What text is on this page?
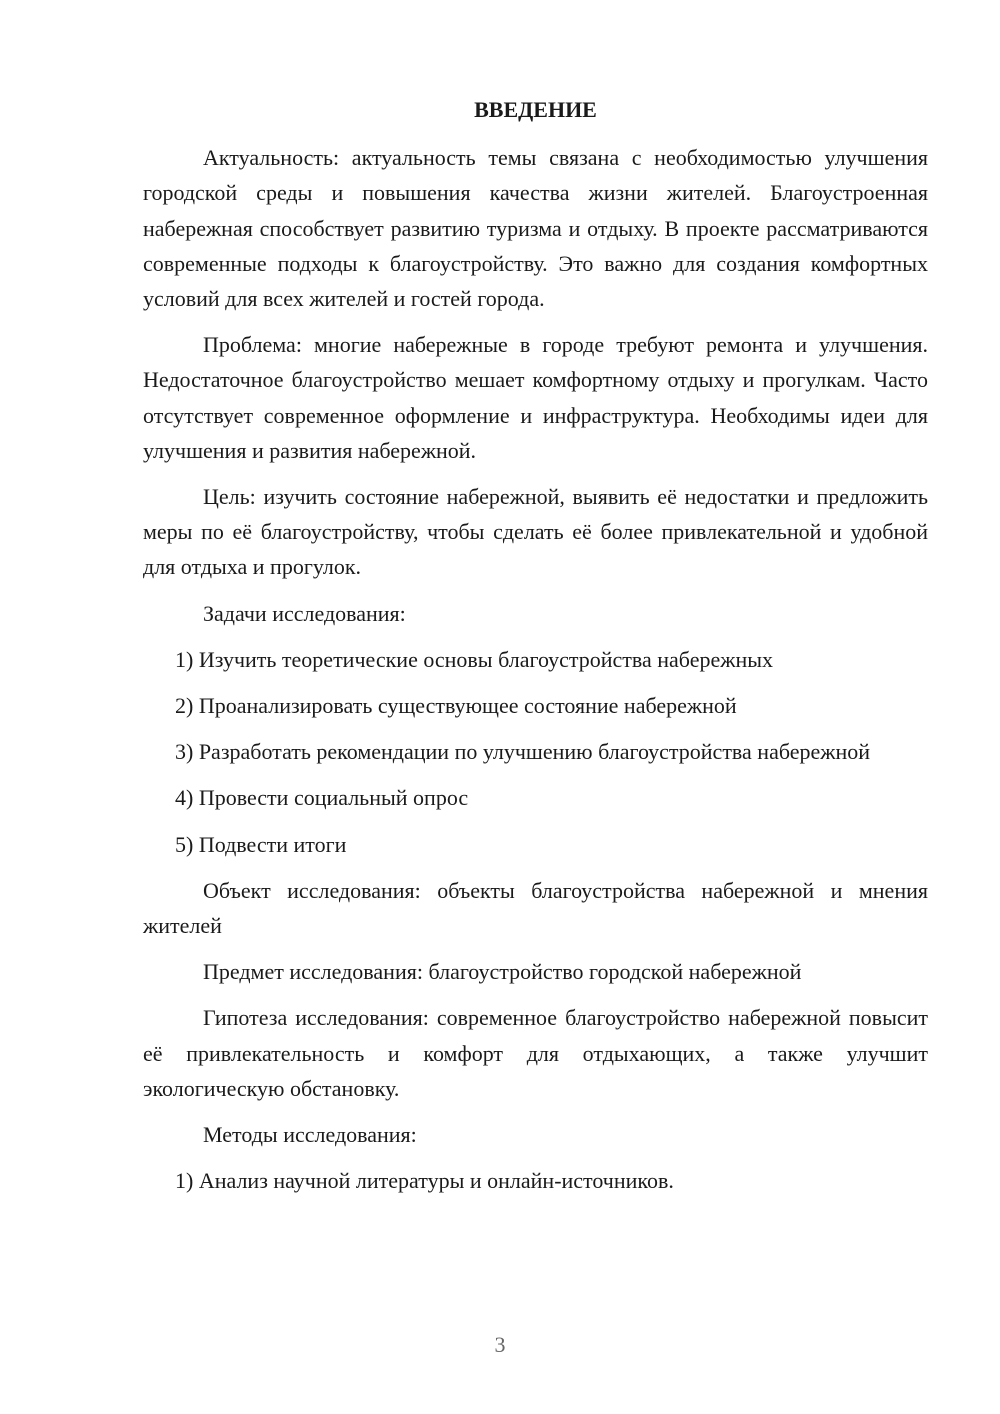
ВВЕДЕНИЕ

Актуальность: актуальность темы связана с необходимостью улучшения городской среды и повышения качества жизни жителей. Благоустроенная набережная способствует развитию туризма и отдыху. В проекте рассматриваются современные подходы к благоустройству. Это важно для создания комфортных условий для всех жителей и гостей города.

Проблема: многие набережные в городе требуют ремонта и улучшения. Недостаточное благоустройство мешает комфортному отдыху и прогулкам. Часто отсутствует современное оформление и инфраструктура. Необходимы идеи для улучшения и развития набережной.

Цель: изучить состояние набережной, выявить её недостатки и предложить меры по её благоустройству, чтобы сделать её более привлекательной и удобной для отдыха и прогулок.

Задачи исследования:

1) Изучить теоретические основы благоустройства набережных

2) Проанализировать существующее состояние набережной

3) Разработать рекомендации по улучшению благоустройства набережной

4) Провести социальный опрос

5) Подвести итоги

Объект исследования: объекты благоустройства набережной и мнения жителей

Предмет исследования: благоустройство городской набережной

Гипотеза исследования: современное благоустройство набережной повысит её привлекательность и комфорт для отдыхающих, а также улучшит экологическую обстановку.

Методы исследования:

1) Анализ научной литературы и онлайн-источников.

3
